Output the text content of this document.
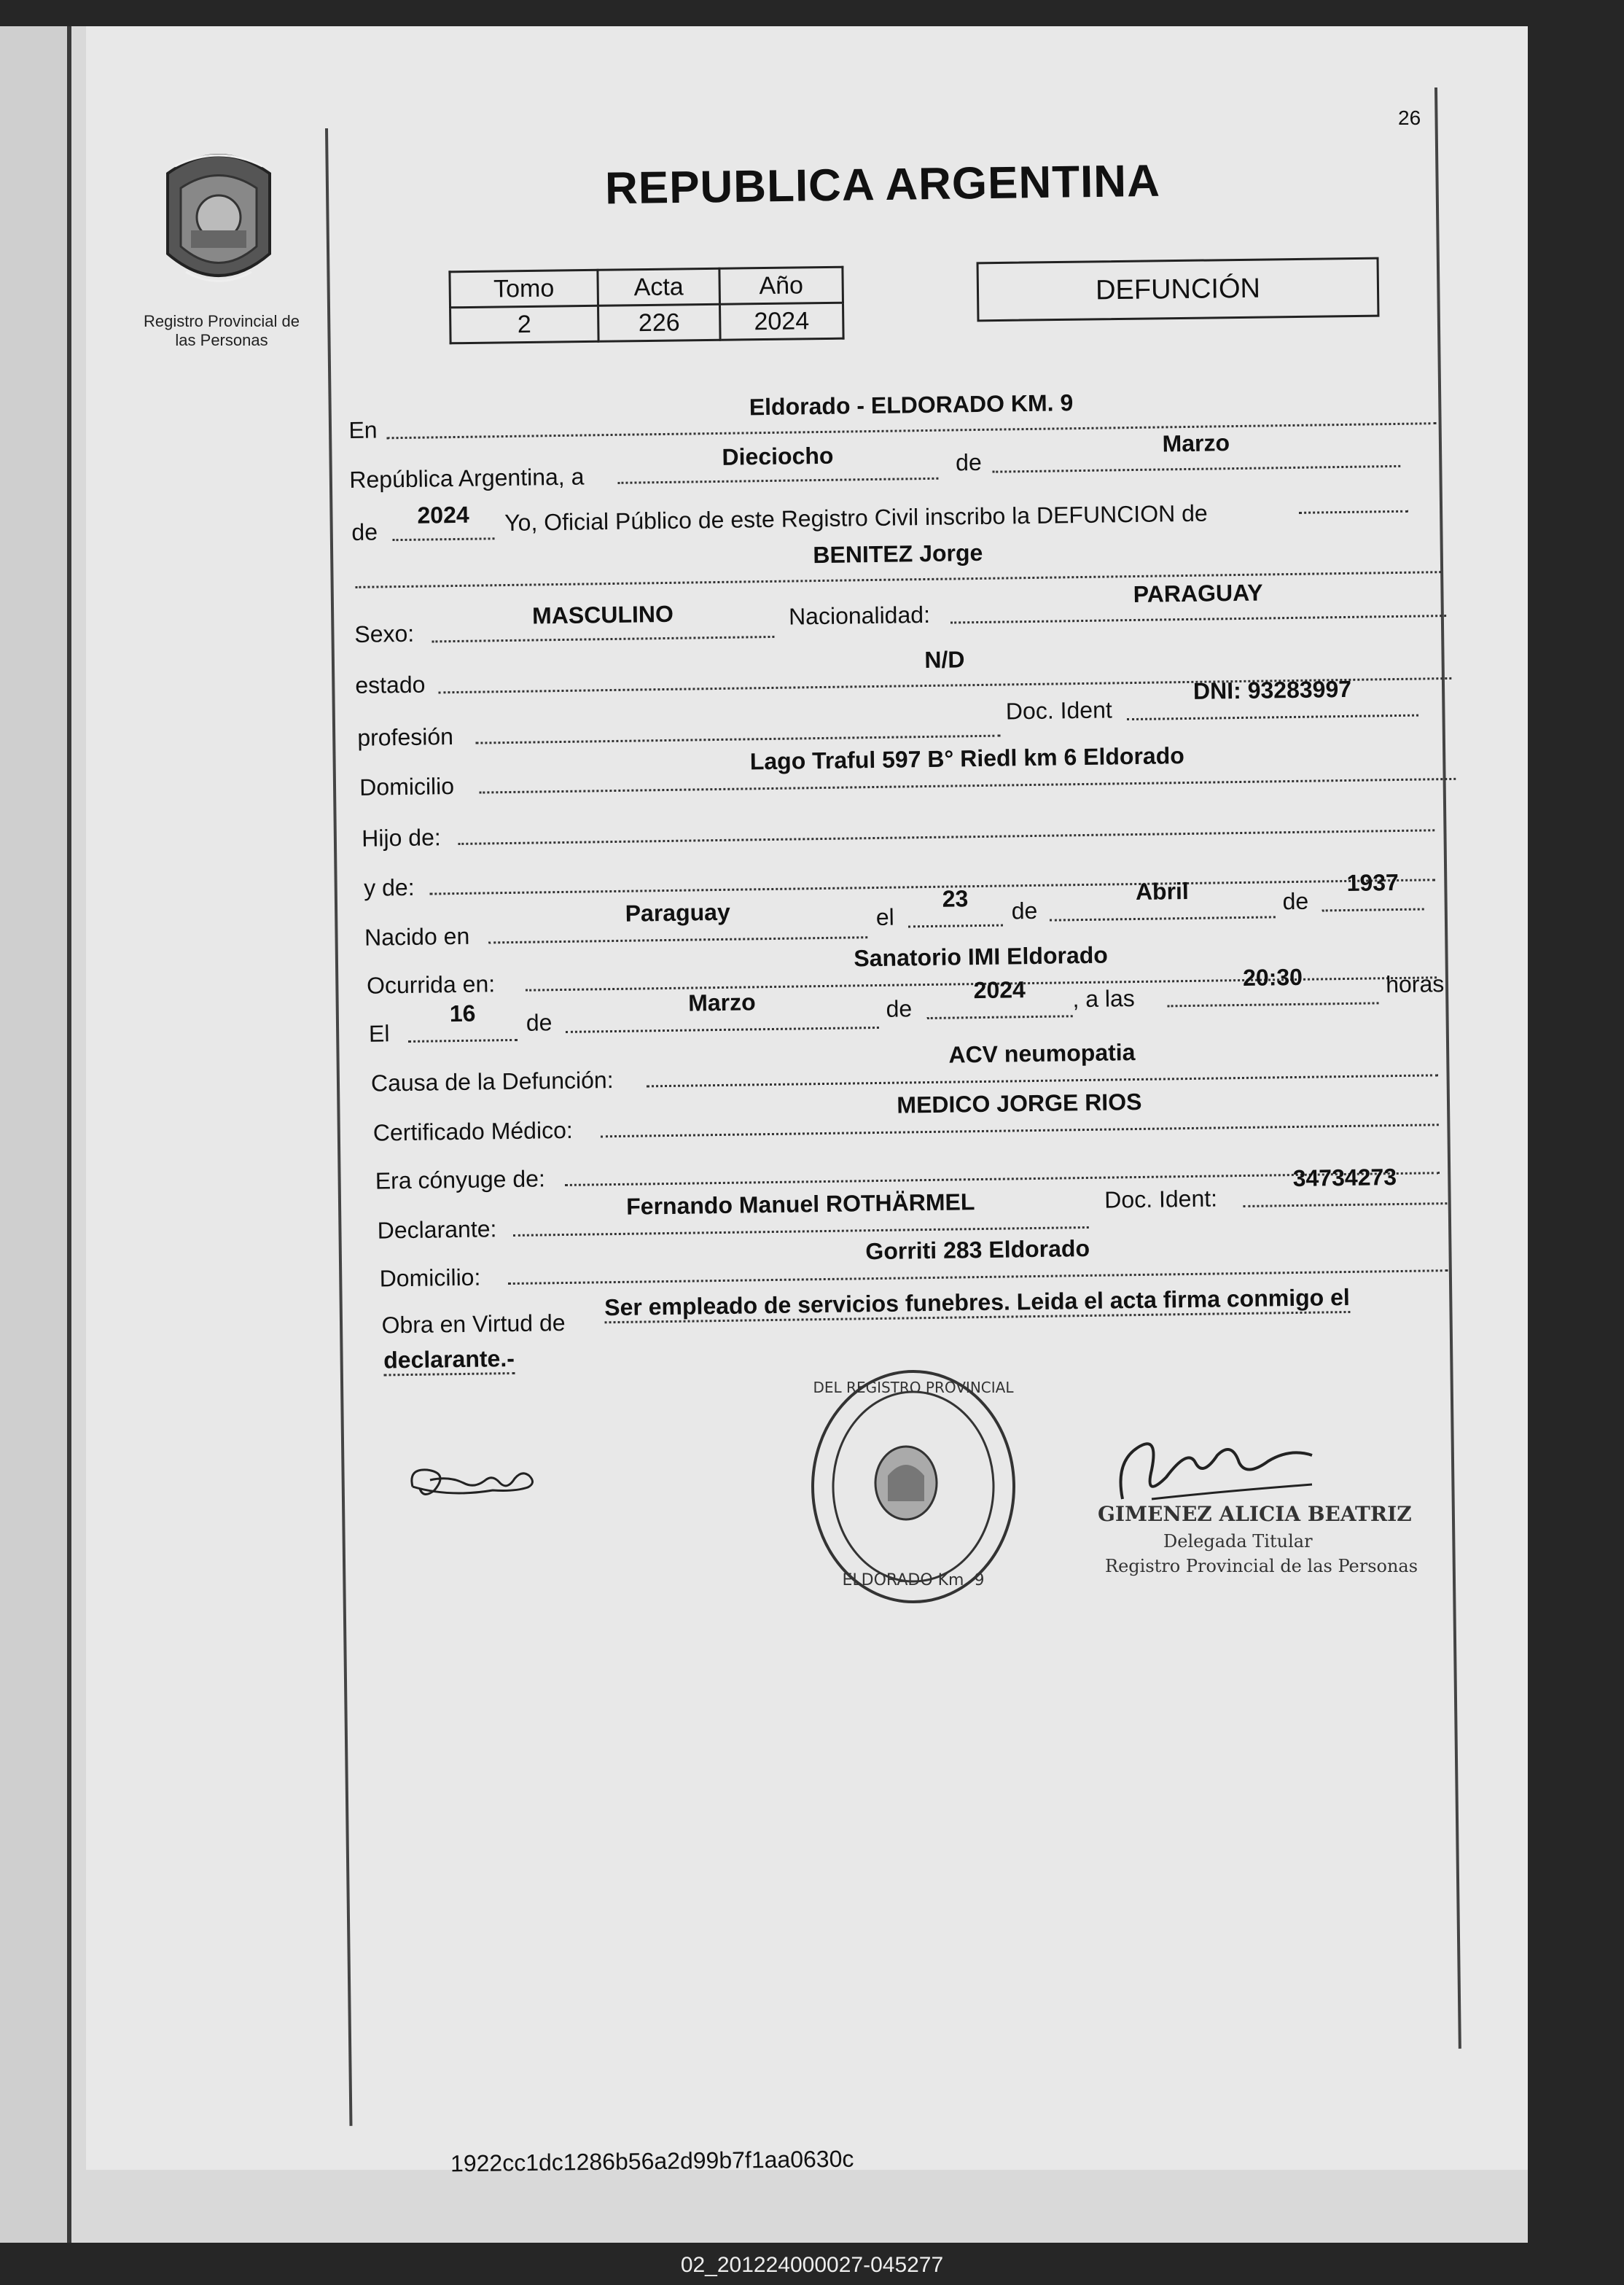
Registro Provincial de
las Personas
26
REPUBLICA ARGENTINA
Tomo	Acta	Año
2	226	2024
DEFUNCIÓN
En
Eldorado - ELDORADO KM. 9
República Argentina, a
Dieciocho	de
Marzo
de
2024	Yo, Oficial Público de este Registro Civil inscribo la DEFUNCION de
BENITEZ Jorge
Sexo:
MASCULINO	Nacionalidad:
PARAGUAY
estado
N/D
profesión
Doc. Ident
DNI: 93283997
Domicilio
Lago Traful 597 B° Riedl km 6 Eldorado
Hijo de:
y de:
Nacido en
Paraguay	el
23	de
Abril	de
1937
Ocurrida en:
Sanatorio IMI Eldorado
El
16	de
Marzo	de
2024	, a las
20:30	horas
Causa de la Defunción:
ACV neumopatia
Certificado Médico:
MEDICO JORGE RIOS
Era cónyuge de:
Declarante:
Fernando Manuel ROTHÄRMEL	Doc. Ident:
34734273
Domicilio:
Gorriti 283 Eldorado
Obra en Virtud de
Ser empleado de servicios funebres. Leida el acta firma conmigo el
declarante.-
DEL REGISTRO PROVINCIAL
ELDORADO Km. 9
GIMENEZ ALICIA BEATRIZ
Delegada Titular
Registro Provincial de las Personas
1922cc1dc1286b56a2d99b7f1aa0630c
02_201224000027-045277
